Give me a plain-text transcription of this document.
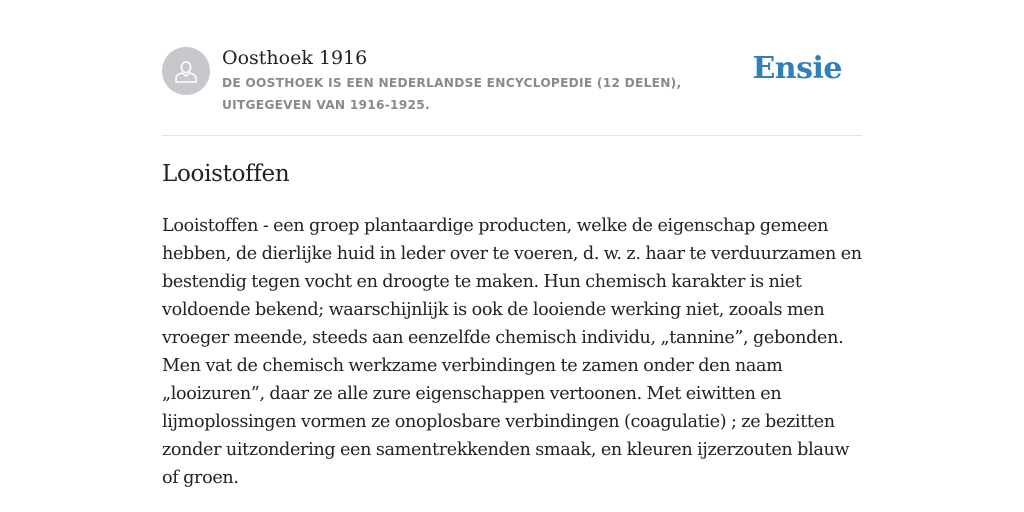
Oosthoek 1916
DE OOSTHOEK IS EEN NEDERLANDSE ENCYCLOPEDIE (12 DELEN), UITGEGEVEN VAN 1916-1925.
Ensie
Looistoffen

Looistoffen - een groep plantaardige producten, welke de eigenschap gemeen hebben, de dierlijke huid in leder over te voeren, d. w. z. haar te verduurzamen en bestendig tegen vocht en droogte te maken. Hun chemisch karakter is niet voldoende bekend; waarschijnlijk is ook de looiende werking niet, zooals men vroeger meende, steeds aan eenzelfde chemisch individu, „tannine”, gebonden. Men vat de chemisch werkzame verbindingen te zamen onder den naam „looizuren”, daar ze alle zure eigenschappen vertoonen. Met eiwitten en lijmoplossingen vormen ze onoplosbare verbindingen (coagulatie) ; ze bezitten zonder uitzondering een samentrekkenden smaak, en kleuren ijzerzouten blauw of groen.
